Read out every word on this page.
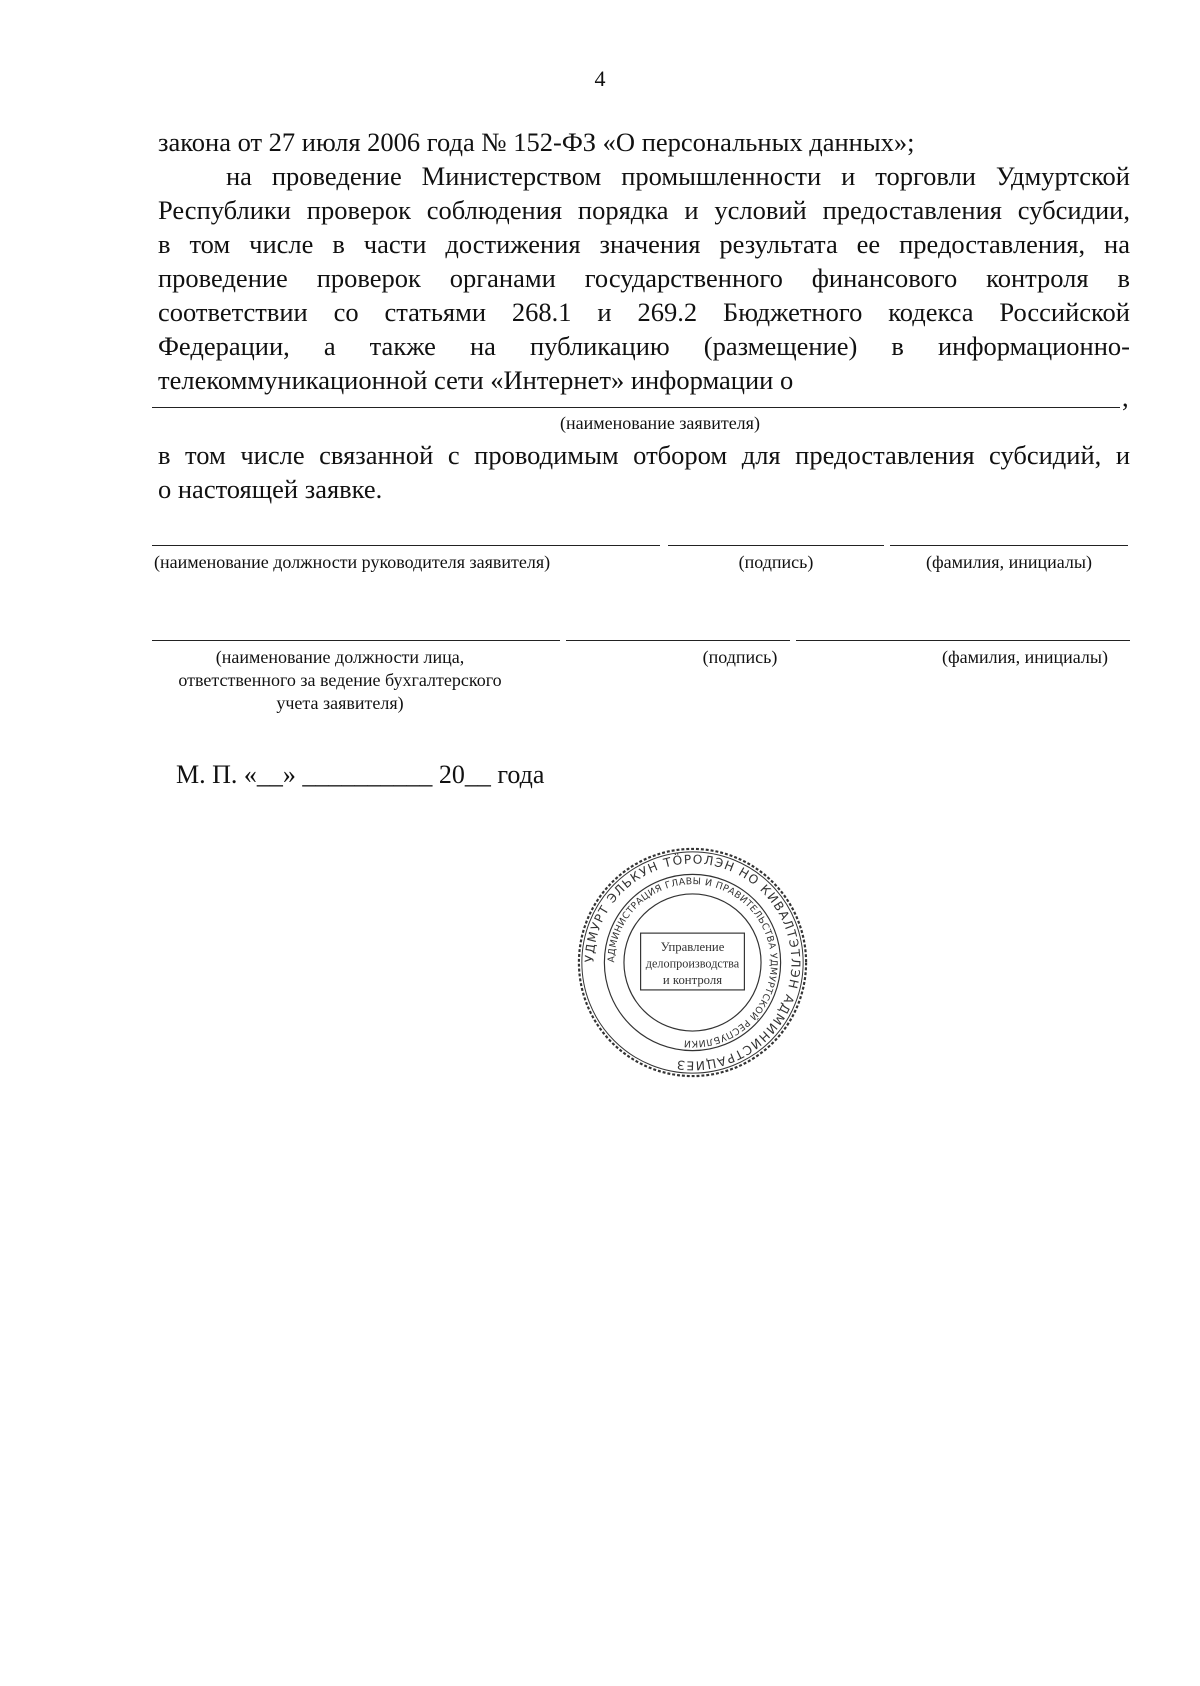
4
закона от 27 июля 2006 года № 152-ФЗ «О персональных данных»;
на проведение Министерством промышленности и торговли Удмуртской
Республики проверок соблюдения порядка и условий предоставления субсидии,
в том числе в части достижения значения результата ее предоставления, на
проведение проверок органами государственного финансового контроля в
соответствии со статьями 268.1 и 269.2 Бюджетного кодекса Российской
Федерации, а также на публикацию (размещение) в информационно-
телекоммуникационной сети «Интернет» информации о
,
(наименование заявителя)
в том числе связанной с проводимым отбором для предоставления субсидий, и
о настоящей заявке.
(наименование должности руководителя заявителя)	(подпись)	(фамилия, инициалы)
(наименование должности лица,
ответственного за ведение бухгалтерского
учета заявителя)
(подпись)	(фамилия, инициалы)
М. П. «__» __________ 20__ года
УДМУРТ ЭЛЬКУН ТӦРОЛЭН НО КИВАЛТЭТЛЭН АДМИНИСТРАЦИЕЗ
АДМИНИСТРАЦИЯ ГЛАВЫ И ПРАВИТЕЛЬСТВА УДМУРТСКОЙ РЕСПУБЛИКИ
Управление
делопроизводства
и контроля
